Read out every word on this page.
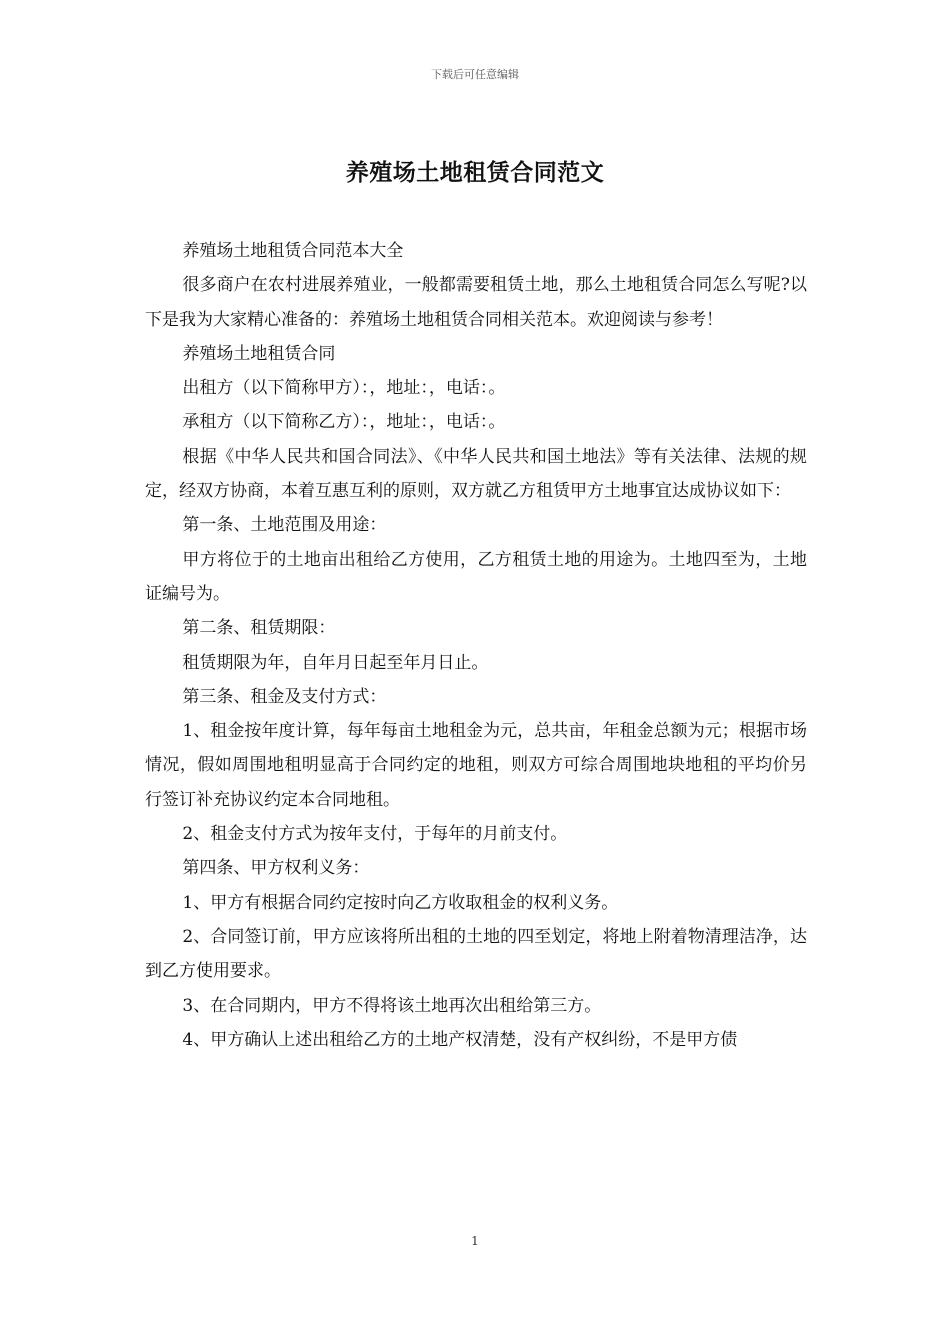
下载后可任意编辑
养殖场土地租赁合同范文

养殖场土地租赁合同范本大全

很多商户在农村进展养殖业，一般都需要租赁土地，那么土地租赁合同怎么写呢?以下是我为大家精心准备的：养殖场土地租赁合同相关范本。欢迎阅读与参考！

养殖场土地租赁合同

出租方（以下简称甲方）：，地址：，电话：。

承租方（以下简称乙方）：，地址：，电话：。

根据《中华人民共和国合同法》、《中华人民共和国土地法》等有关法律、法规的规定，经双方协商，本着互惠互利的原则，双方就乙方租赁甲方土地事宜达成协议如下：

第一条、土地范围及用途：

甲方将位于的土地亩出租给乙方使用，乙方租赁土地的用途为。土地四至为，土地证编号为。

第二条、租赁期限：

租赁期限为年，自年月日起至年月日止。

第三条、租金及支付方式：

1、租金按年度计算，每年每亩土地租金为元，总共亩，年租金总额为元；根据市场情况，假如周围地租明显高于合同约定的地租，则双方可综合周围地块地租的平均价另行签订补充协议约定本合同地租。

2、租金支付方式为按年支付，于每年的月前支付。

第四条、甲方权利义务：

1、甲方有根据合同约定按时向乙方收取租金的权利义务。

2、合同签订前，甲方应该将所出租的土地的四至划定，将地上附着物清理洁净，达到乙方使用要求。

3、在合同期内，甲方不得将该土地再次出租给第三方。

4、甲方确认上述出租给乙方的土地产权清楚，没有产权纠纷，不是甲方债

1
